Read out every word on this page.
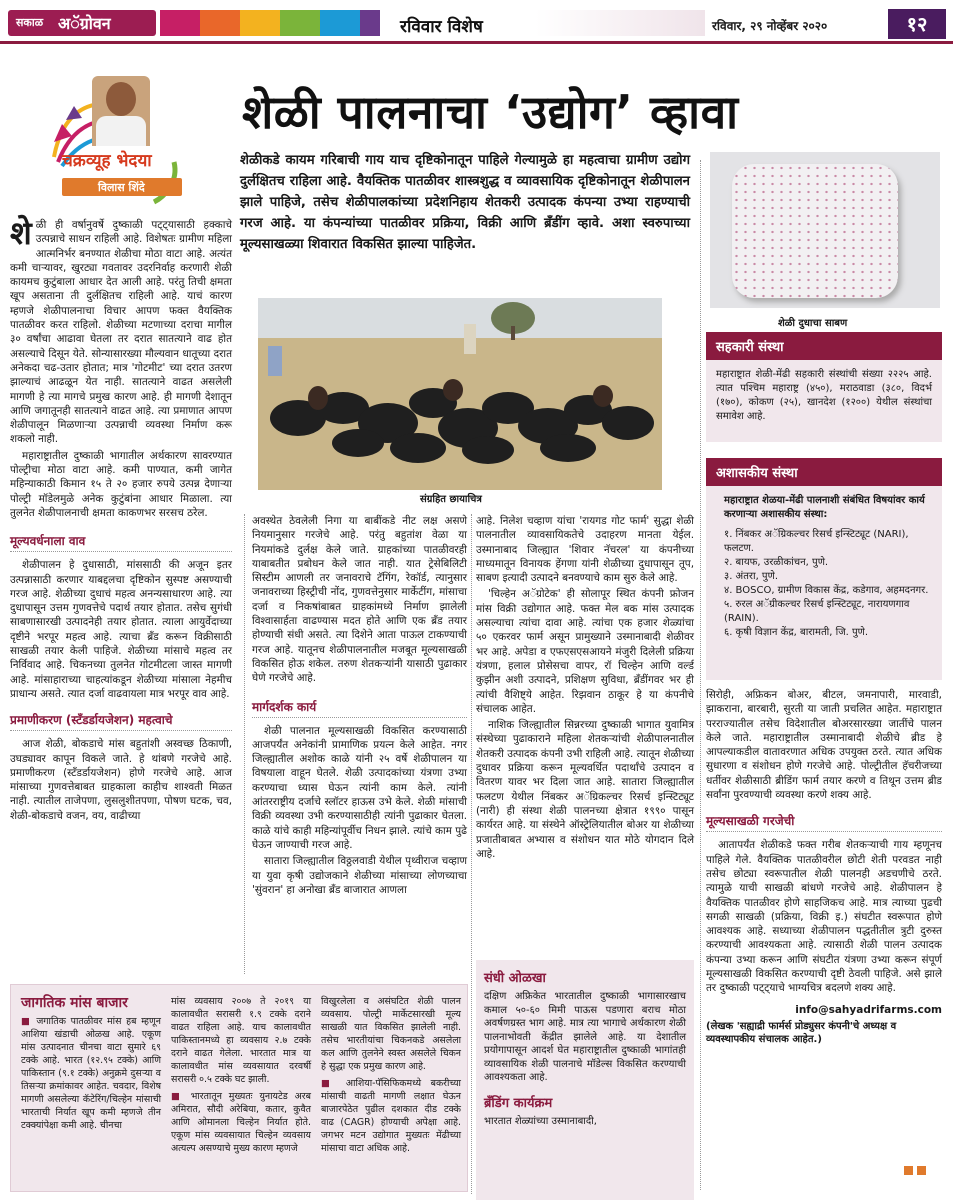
सकाळ अॅग्रोवन	रविवार विशेष	रविवार, २९ नोव्हेंबर २०२०	१२
चक्रव्यूह भेदया
विलास शिंदे
शेळी पालनाचा ‘उद्योग’ व्हावा
शेळीकडे कायम गरिबाची गाय याच दृष्टिकोनातून पाहिले गेल्यामुळे हा महत्वाचा ग्रामीण उद्योग दुर्लक्षितच राहिला आहे. वैयक्तिक पातळीवर शास्त्रशुद्ध व व्यावसायिक दृष्टिकोनातून शेळीपालन झाले पाहिजे, तसेच शेळीपालकांच्या प्रदेशनिहाय शेतकरी उत्पादक कंपन्या उभ्या राहण्याची गरज आहे. या कंपन्यांच्या पातळीवर प्रक्रिया, विक्री आणि ब्रँडींग व्हावे. अशा स्वरुपाच्या मूल्यसाखळ्या शिवारात विकसित झाल्या पाहिजेत.
संग्रहित छायाचित्र
शेळी दुधाचा साबण
सहकारी संस्था
महाराष्ट्रात शेळी-मेंढी सहकारी संस्थांची संख्या २२२५ आहे. त्यात पश्चिम महाराष्ट्र (४५०), मराठवाडा (३८०, विदर्भ (१७०), कोकण (२५), खानदेश (१२००) येथील संस्थांचा समावेश आहे.
अशासकीय संस्था
महाराष्ट्रात शेळया-मेंढी पालनाशी संबंधित विषयांवर कार्य करणाऱ्या अशासकीय संस्था:
१. निंबकर अॅग्रिकल्चर रिसर्च इन्स्टिट्यूट (NARI), फलटण.
२. बायफ, उरळीकांचन, पुणे.
३. अंतरा, पुणे.
४. BOSCO, ग्रामीण विकास केंद्र, कडेगाव, अहमदनगर.
५. रुरल अॅग्रीकल्चर रिसर्च इन्स्टिट्यूट, नारायणगाव (RAIN).
६. कृषी विज्ञान केंद्र, बारामती, जि. पुणे.

शेळी ही वर्षानुवर्षे दुष्काळी पट्ट्यासाठी हक्काचे उत्पन्नाचे साधन राहिली आहे. विशेषतः ग्रामीण महिला आत्मनिर्भर बनण्यात शेळीचा मोठा वाटा आहे. अत्यंत कमी चाऱ्यावर, खुरट्या गवतावर उदरनिर्वाह करणारी शेळी कायमच कुटुंबाला आधार देत आली आहे. परंतु तिची क्षमता खूप असताना ती दुर्लक्षितच राहिली आहे. याचं कारण म्हणजे शेळीपालनाचा विचार आपण फक्त वैयक्तिक पातळीवर करत राहिलो. शेळीच्या मटणाच्या दराचा मागील ३० वर्षांचा आढावा घेतला तर दरात सातत्याने वाढ होत असल्याचे दिसून येते. सोन्यासारख्या मौल्यवान धातूच्या दरात अनेकदा चढ-उतार होतात; मात्र 'गोटमीट' च्या दरात उतरण झाल्याचं आढळून येत नाही. सातत्याने वाढत असलेली मागणी हे त्या मागचे प्रमुख कारण आहे. ही मागणी देशातून आणि जगातूनही सातत्याने वाढत आहे. त्या प्रमाणात आपण शेळीपालून मिळणाऱ्या उत्पन्नाची व्यवस्था निर्माण करू शकलो नाही.

महाराष्ट्रातील दुष्काळी भागातील अर्थकारण सावरण्यात पोल्ट्रीचा मोठा वाटा आहे. कमी पाण्यात, कमी जागेत महिन्याकाठी किमान १५ ते २० हजार रुपये उत्पन्न देणाऱ्या पोल्ट्री मॉडेलमुळे अनेक कुटुंबांना आधार मिळाला. त्या तुलनेत शेळीपालनाची क्षमता काकणभर सरसच ठरेल.

मूल्यवर्धनाला वाव

शेळीपालन हे दुधासाठी, मांससाठी की अजून इतर उत्पन्नासाठी करणार याबद्दलचा दृष्टिकोन सुस्पष्ट असण्याची गरज आहे. शेळीच्या दुधाचं महत्व अनन्यसाधारण आहे. त्या दुधापासून उत्तम गुणवत्तेचे पदार्थ तयार होतात. तसेच सुगंधी साबणासारखी उत्पादनेही तयार होतात. त्याला आयुर्वेदाच्या दृष्टीने भरपूर महत्व आहे. त्याचा ब्रँड करून विक्रीसाठी साखळी तयार केली पाहिजे. शेळीच्या मांसाचे महत्व तर निर्विवाद आहे. चिकनच्या तुलनेत गोटमीटला जास्त मागणी आहे. मांसाहाराच्या चाहत्यांकडून शेळीच्या मांसाला नेहमीच प्राधान्य असते. त्यात दर्जा वाढवायला मात्र भरपूर वाव आहे.

प्रमाणीकरण (स्टँडर्डायजेशन) महत्वाचे

आज शेळी, बोकडाचे मांस बहुतांशी अस्वच्छ ठिकाणी, उघड्यावर कापून विकले जाते. हे थांबणे गरजेचे आहे. प्रमाणीकरण (स्टँडर्डायजेशन) होणे गरजेचे आहे. आज मांसाच्या गुणवत्तेबाबत ग्राहकाला काहीच शाश्वती मिळत नाही. त्यातील ताजेपणा, लुसलुशीतपणा, पोषण घटक, चव, शेळी-बोकडाचे वजन, वय, वाढीच्या

अवस्थेत ठेवलेली निगा या बाबींकडे नीट लक्ष असणे नियमानुसार गरजेचे आहे. परंतु बहुतांश वेळा या नियमांकडे दुर्लक्ष केले जाते. ग्राहकांच्या पातळीवरही याबाबतीत प्रबोधन केले जात नाही. यात ट्रेसेबिलिटी सिस्टीम आणली तर जनावराचे टॅगिंग, रेकॉर्ड, त्यानुसार जनावराच्या हिस्ट्रीची नोंद, गुणवत्तेनुसार मार्केटींग, मांसाचा दर्जा व निकषांबाबत ग्राहकांमध्ये निर्माण झालेली विश्वासार्हता वाढण्यास मदत होते आणि एक ब्रँड तयार होण्याची संधी असते. त्या दिशेने आता पाऊल टाकण्याची गरज आहे. यातूनच शेळीपालनातील मजबूत मूल्यसाखळी विकसित होऊ शकेल. तरुण शेतकऱ्यांनी यासाठी पुढाकार घेणे गरजेचे आहे.

मार्गदर्शक कार्य

शेळी पालनात मूल्यसाखळी विकसित करण्यासाठी आजपर्यंत अनेकांनी प्रामाणिक प्रयत्न केले आहेत. नगर जिल्ह्यातील अशोक काळे यांनी २५ वर्षे शेळीपालन या विषयाला वाहून घेतले. शेळी उत्पादकांच्या यंत्रणा उभ्या करण्याचा ध्यास घेऊन त्यांनी काम केले. त्यांनी आंतरराष्ट्रीय दर्जाचे स्लॉटर हाऊस उभे केले. शेळी मांसाची विक्री व्यवस्था उभी करण्यासाठीही त्यांनी पुढाकार घेतला. काळे यांचे काही महिन्यांपूर्वीच निधन झाले. त्यांचे काम पुढे घेऊन जाण्याची गरज आहे.

सातारा जिल्ह्यातील विठ्ठलवाडी येथील पृथ्वीराज चव्हाण या युवा कृषी उद्योजकाने शेळीच्या मांसाच्या लोणच्याचा 'सुंवरान' हा अनोखा ब्रँड बाजारात आणला

आहे. निलेश चव्हाण यांचा 'रायगड गोट फार्म' सुद्धा शेळी पालनातील व्यावसायिकतेचे उदाहरण मानता येईल. उस्मानाबाद जिल्ह्यात 'शिवार नॅचरल' या कंपनीच्या माध्यमातून विनायक हेंगणा यांनी शेळीच्या दुधापासून तूप, साबण इत्यादी उत्पादने बनवण्याचे काम सुरु केले आहे.

'चिल्हेन अॅग्रोटेक' ही सोलापूर स्थित कंपनी फ्रोजन मांस विक्री उद्योगात आहे. फक्त मेल बक मांस उत्पादक असल्याचा त्यांचा दावा आहे. त्यांचा एक हजार शेळ्यांचा ५० एकरवर फार्म असून प्रामुख्याने उस्मानाबादी शेळीवर भर आहे. अपेडा व एफएसएसआयने मंजुरी दिलेली प्रक्रिया यंत्रणा, हलाल प्रोसेसचा वापर, रॉ चिल्हेन आणि वर्ल्ड कुझीन अशी उत्पादने, प्रशिक्षण सुविधा, ब्रँडींगवर भर ही त्यांची वैशिष्ट्ये आहेत. रिझवान ठाकूर हे या कंपनीचे संचालक आहेत.

नाशिक जिल्ह्यातील सिन्नरच्या दुष्काळी भागात युवामित्र संस्थेच्या पुढाकाराने महिला शेतकऱ्यांची शेळीपालनातील शेतकरी उत्पादक कंपनी उभी राहिली आहे. त्यातून शेळीच्या दुधावर प्रक्रिया करून मूल्यवर्धित पदार्थांचे उत्पादन व वितरण यावर भर दिला जात आहे. सातारा जिल्ह्यातील फलटण येथील निंबकर अॅग्रिकल्चर रिसर्च इन्स्टिट्यूट (नारी) ही संस्था शेळी पालनच्या क्षेत्रात १९९० पासून कार्यरत आहे. या संस्थेने ऑस्ट्रेलियातील बोअर या शेळीच्या प्रजातीबाबत अभ्यास व संशोधन यात मोठे योगदान दिले आहे.

संधी ओळखा

दक्षिण अफ्रिकेत भारतातील दुष्काळी भागासारखाच कमाल ५०-६० मिमी पाऊस पडणारा बराच मोठा अवर्षणग्रस्त भाग आहे. मात्र त्या भागाचे अर्थकारण शेळी पालनाभोवती केंद्रीत झालेले आहे. या देशातील प्रयोगापासून आदर्श घेत महाराष्ट्रातील दुष्काळी भागांतही व्यावसायिक शेळी पालनाचे मॉडेल्स विकसित करण्याची आवश्यकता आहे.

ब्रँडिंग कार्यक्रम

भारतात शेळ्यांच्या उस्मानाबादी,

सिरोही, अफ्रिकन बोअर, बीटल, जमनापारी, मारवाडी, झाकराना, बारबारी, सुरती या जाती प्रचलित आहेत. महाराष्ट्रात परराज्यातील तसेच विदेशातील बोअरसारख्या जातींचे पालन केले जाते. महाराष्ट्रातील उस्मानाबादी शेळीचे ब्रीड हे आपल्याकडील वातावरणात अधिक उपयुक्त ठरते. त्यात अधिक सुधारणा व संशोधन होणे गरजेचे आहे. पोल्ट्रीतील हॅचरीजच्या धर्तीवर शेळीसाठी ब्रीडिंग फार्म तयार करणे व तिथून उत्तम ब्रीड सर्वांना पुरवण्याची व्यवस्था करणे शक्य आहे.

मूल्यसाखळी गरजेची

आतापर्यंत शेळीकडे फक्त गरीब शेतकऱ्याची गाय म्हणूनच पाहिले गेले. वैयक्तिक पातळीवरील छोटी शेती परवडत नाही तसेच छोट्या स्वरूपातील शेळी पालनही अडचणीचे ठरते. त्यामुळे याची साखळी बांधणे गरजेचे आहे. शेळीपालन हे वैयक्तिक पातळीवर होणे साहजिकच आहे. मात्र त्याच्या पुढची सगळी साखळी (प्रक्रिया, विक्री इ.) संघटीत स्वरूपात होणे आवश्यक आहे. सध्याच्या शेळीपालन पद्धतीतील त्रुटी दुरुस्त करण्याची आवश्यकता आहे. त्यासाठी शेळी पालन उत्पादक कंपन्या उभ्या करून आणि संघटीत यंत्रणा उभ्या करून संपूर्ण मूल्यसाखळी विकसित करण्याची दृष्टी ठेवली पाहिजे. असे झाले तर दुष्काळी पट्ट्याचे भाग्यचित्र बदलणे शक्य आहे.

info@sahyadrifarms.com
(लेखक 'सह्याद्री फार्मर्स प्रोड्युसर कंपनी'चे अध्यक्ष व व्यवस्थापकीय संचालक आहेत.)
जागतिक मांस बाजार
■ जगातिक पातळीवर मांस हब म्हणून आशिया खंडाची ओळख आहे. एकूण मांस उत्पादनात चीनचा वाटा सुमारे ६९ टक्के आहे. भारत (१२.९५ टक्के) आणि पाकिस्तान (९.१ टक्के) अनुक्रमे दुसऱ्या व तिसऱ्या क्रमांकावर आहेत. चवदार, विशेष मागणी असलेल्या कॅटेरिंग/चिल्हेन मांसाची भारताची निर्यात खूप कमी म्हणजे तीन टक्क्यांपेक्षा कमी आहे. चीनचा
मांस व्यवसाय २००७ ते २०१९ या कालावधीत सरासरी १.९ टक्के दराने वाढत राहिला आहे. याच कालावधीत पाकिस्तानमध्ये हा व्यवसाय २.७ टक्के दराने वाढत गेलेला. भारतात मात्र या कालावधीत मांस व्यवसायात दरवर्षी सरासरी ०.५ टक्के घट झाली.
■ भारतातून मुख्यतः युनायटेड अरब अमिरात, सौदी अरेबिया, कतार, कुवैत आणि ओमानला चिल्हेन निर्यात होते. एकूण मांस व्यवसायात चिल्हेन व्यवसाय अत्यल्प असण्याचे मुख्य कारण म्हणजे
विखुरलेला व असंघटित शेळी पालन व्यवसाय. पोल्ट्री मार्केटसारखी मूल्य साखळी यात विकसित झालेली नाही. तसेच भारतीयांचा चिकनकडे असलेला कल आणि तुलनेने स्वस्त असलेले चिकन हे सुद्धा एक प्रमुख कारण आहे.
■ आशिया-पॅसिफिकमध्ये बकरीच्या मांसाची वाढती मागणी लक्षात घेऊन बाजारपेठेत पुढील दशकात दीड टक्के वाढ (CAGR) होण्याची अपेक्षा आहे. जगभर मटन उद्योगात मुख्यतः मेंढीच्या मांसाचा वाटा अधिक आहे.
